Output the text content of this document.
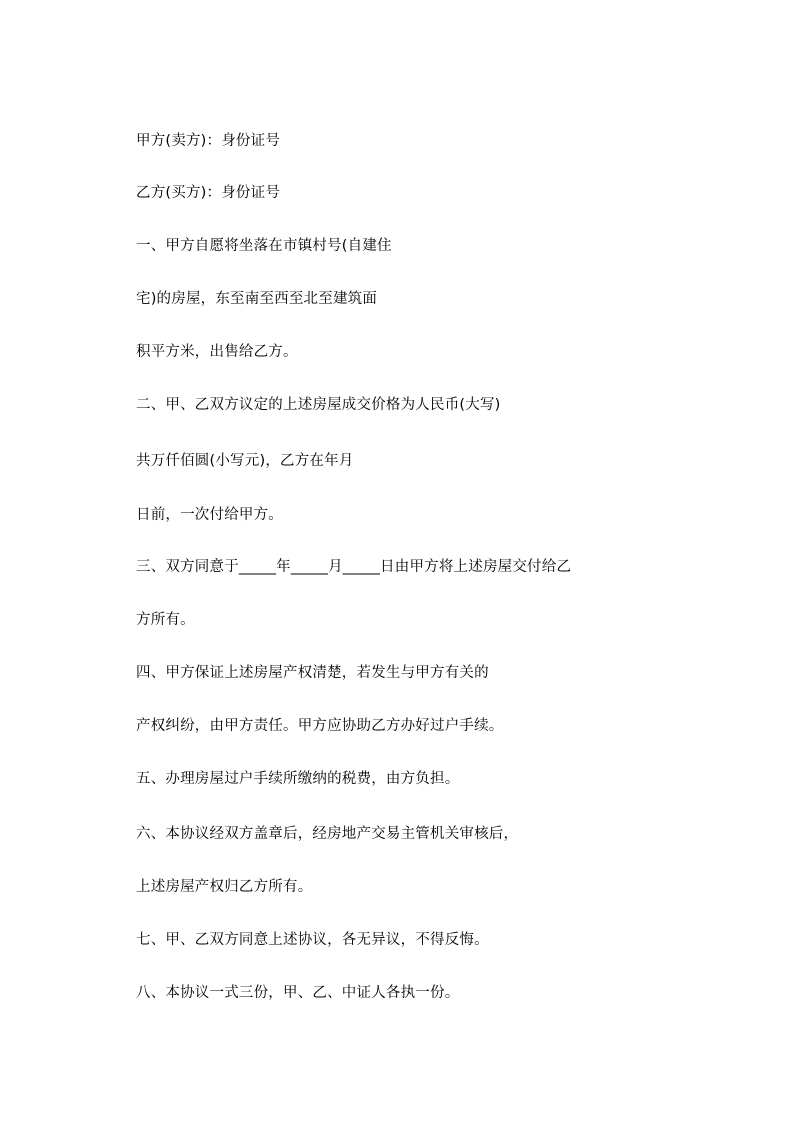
甲方(卖方)：身份证号
乙方(买方)：身份证号
一、甲方自愿将坐落在市镇村号(自建住
宅)的房屋，东至南至西至北至建筑面
积平方米，出售给乙方。
二、甲、乙双方议定的上述房屋成交价格为人民币(大写)
共万仟佰圆(小写元)，乙方在年月
日前，一次付给甲方。
三、双方同意于_____年_____月_____日由甲方将上述房屋交付给乙
方所有。
四、甲方保证上述房屋产权清楚，若发生与甲方有关的
产权纠纷，由甲方责任。甲方应协助乙方办好过户手续。
五、办理房屋过户手续所缴纳的税费，由方负担。
六、本协议经双方盖章后，经房地产交易主管机关审核后，
上述房屋产权归乙方所有。
七、甲、乙双方同意上述协议，各无异议，不得反悔。
八、本协议一式三份，甲、乙、中证人各执一份。
